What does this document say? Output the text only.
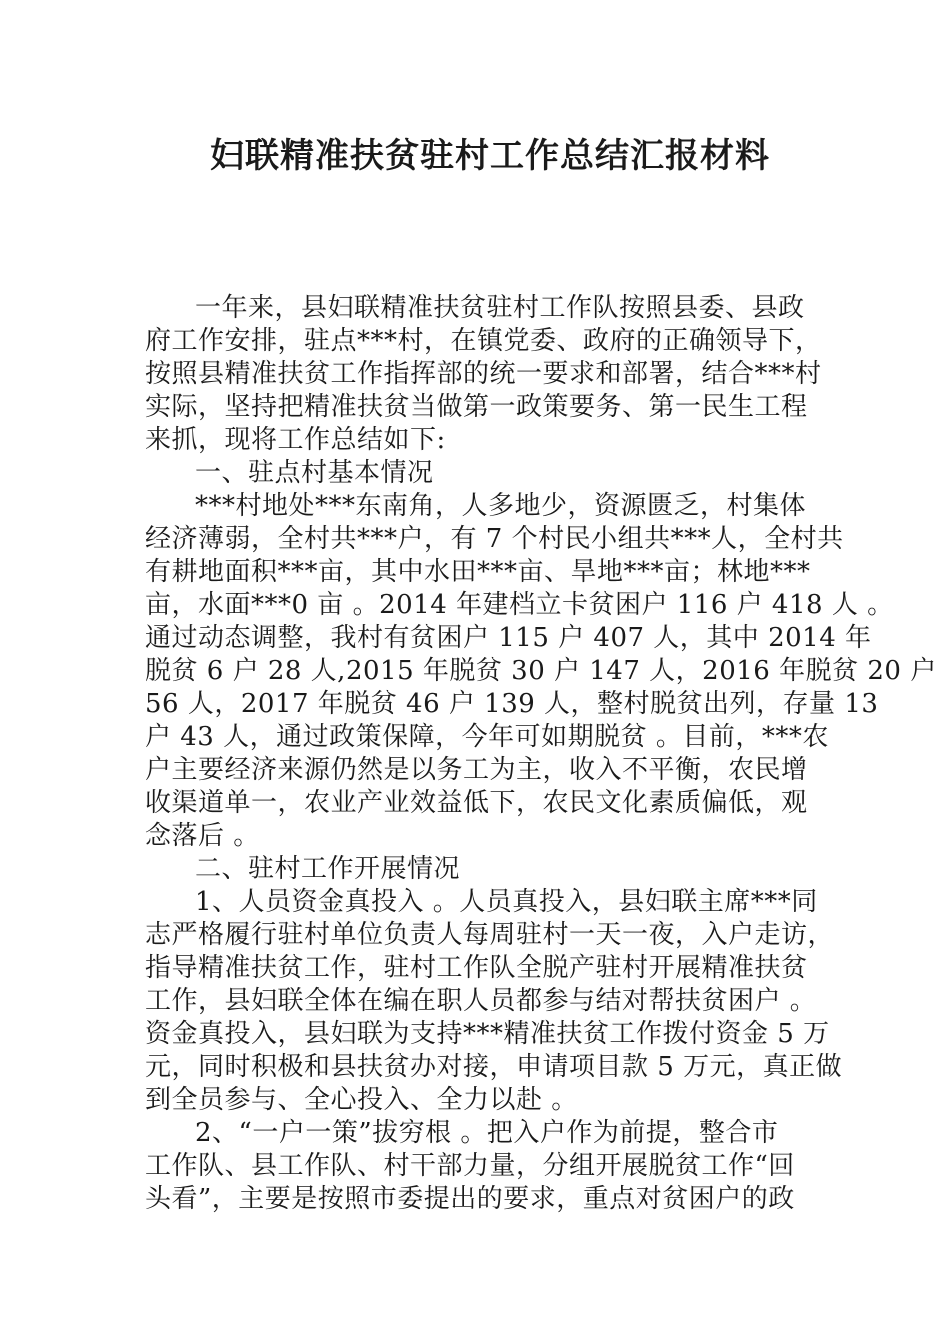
妇联精准扶贫驻村工作总结汇报材料
一年来，县妇联精准扶贫驻村工作队按照县委、县政
府工作安排，驻点***村，在镇党委、政府的正确领导下，
按照县精准扶贫工作指挥部的统一要求和部署，结合***村
实际，坚持把精准扶贫当做第一政策要务、第一民生工程
来抓，现将工作总结如下:
一、驻点村基本情况
***村地处***东南角，人多地少，资源匮乏，村集体
经济薄弱，全村共***户，有 7 个村民小组共***人，全村共
有耕地面积***亩，其中水田***亩、旱地***亩；林地***
亩，水面***0 亩 。2014 年建档立卡贫困户 116 户 418 人 。
通过动态调整，我村有贫困户 115 户 407 人，其中 2014 年
脱贫 6 户 28 人,2015 年脱贫 30 户 147 人，2016 年脱贫 20 户
56 人，2017 年脱贫 46 户 139 人，整村脱贫出列，存量 13
户 43 人，通过政策保障，今年可如期脱贫 。目前，***农
户主要经济来源仍然是以务工为主，收入不平衡，农民增
收渠道单一，农业产业效益低下，农民文化素质偏低，观
念落后 。
二、驻村工作开展情况
1、人员资金真投入 。人员真投入，县妇联主席***同
志严格履行驻村单位负责人每周驻村一天一夜，入户走访，
指导精准扶贫工作，驻村工作队全脱产驻村开展精准扶贫
工作，县妇联全体在编在职人员都参与结对帮扶贫困户 。
资金真投入，县妇联为支持***精准扶贫工作拨付资金 5 万
元，同时积极和县扶贫办对接，申请项目款 5 万元，真正做
到全员参与、全心投入、全力以赴 。
2、“一户一策”拔穷根 。把入户作为前提，整合市
工作队、县工作队、村干部力量，分组开展脱贫工作“回
头看”，主要是按照市委提出的要求，重点对贫困户的政
